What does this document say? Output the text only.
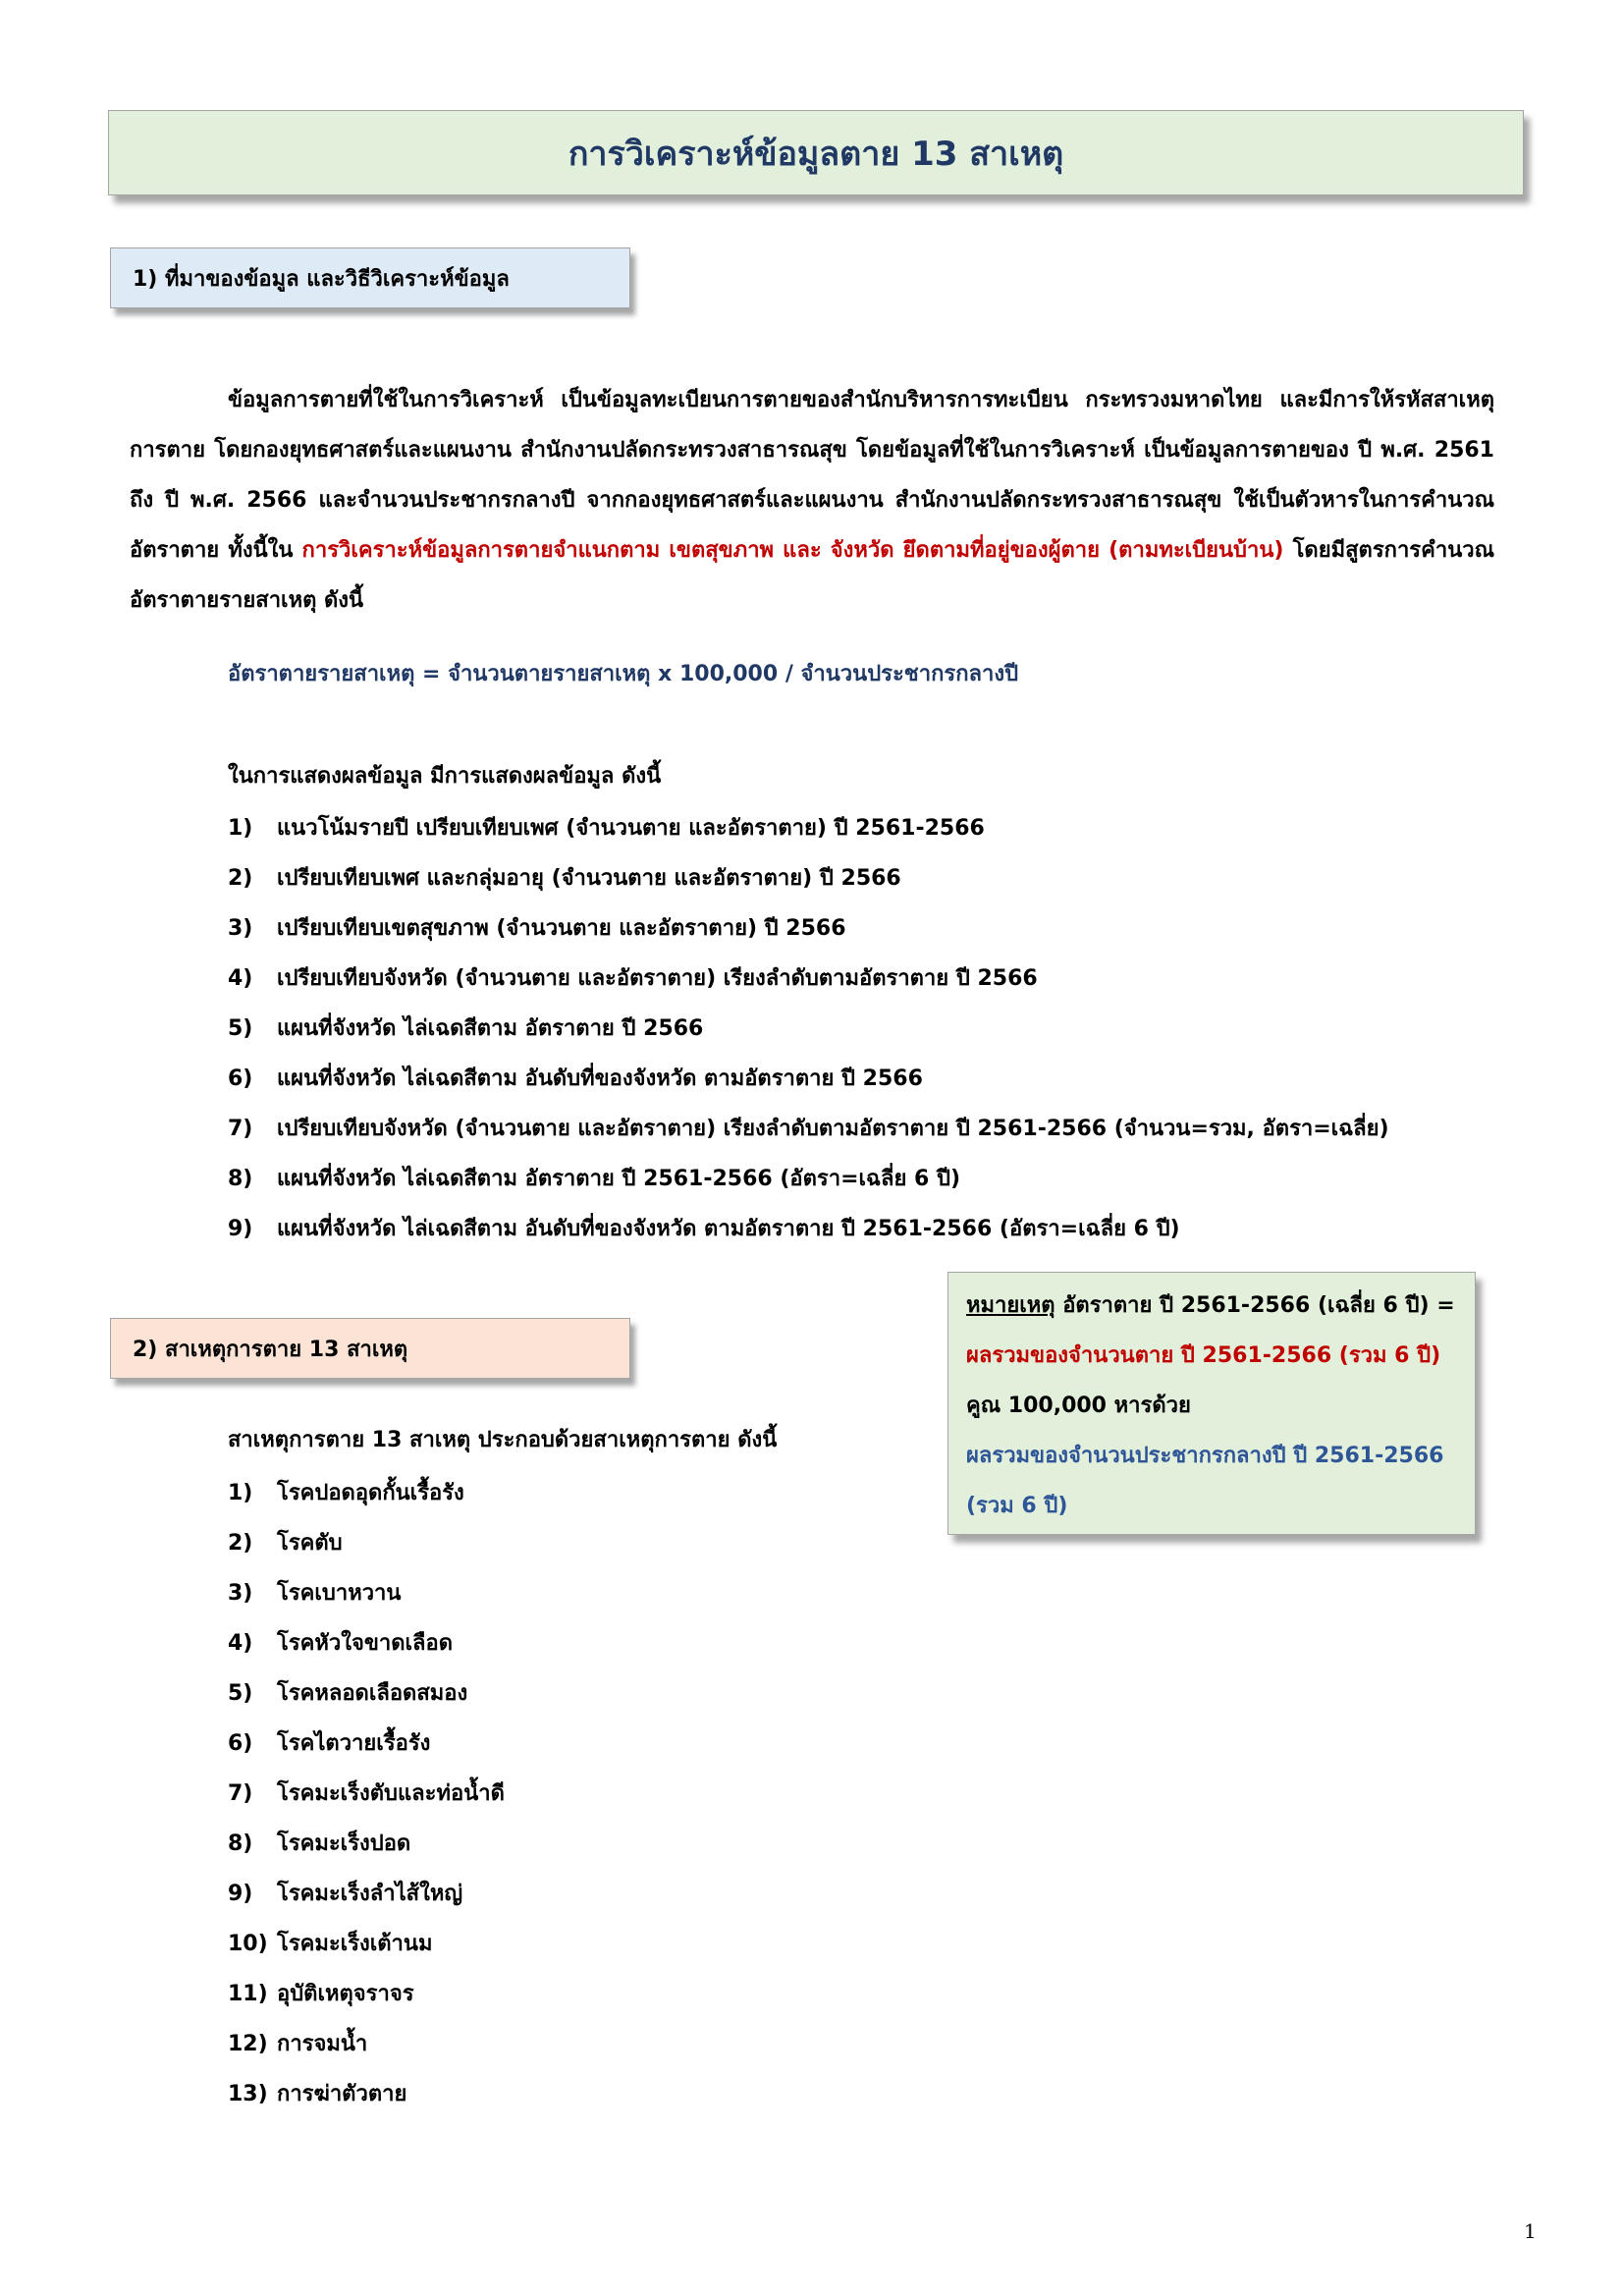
การวิเคราะห์ข้อมูลตาย 13 สาเหตุ
1) ที่มาของข้อมูล และวิธีวิเคราะห์ข้อมูล

ข้อมูลการตายที่ใช้ในการวิเคราะห์ เป็นข้อมูลทะเบียนการตายของสำนักบริหารการทะเบียน กระทรวงมหาดไทย และมีการให้รหัสสาเหตุการตาย โดยกองยุทธศาสตร์และแผนงาน สำนักงานปลัดกระทรวงสาธารณสุข โดยข้อมูลที่ใช้ในการวิเคราะห์ เป็นข้อมูลการตายของ ปี พ.ศ. 2561 ถึง ปี พ.ศ. 2566 และจำนวนประชากรกลางปี จากกองยุทธศาสตร์และแผนงาน สำนักงานปลัดกระทรวงสาธารณสุข ใช้เป็นตัวหารในการคำนวณอัตราตาย ทั้งนี้ใน การวิเคราะห์ข้อมูลการตายจำแนกตาม เขตสุขภาพ และ จังหวัด ยึดตามที่อยู่ของผู้ตาย (ตามทะเบียนบ้าน) โดยมีสูตรการคำนวณอัตราตายรายสาเหตุ ดังนี้

อัตราตายรายสาเหตุ = จำนวนตายรายสาเหตุ x 100,000 / จำนวนประชากรกลางปี
ในการแสดงผลข้อมูล มีการแสดงผลข้อมูล ดังนี้
1)	แนวโน้มรายปี เปรียบเทียบเพศ (จำนวนตาย และอัตราตาย) ปี 2561-2566
2)	เปรียบเทียบเพศ และกลุ่มอายุ (จำนวนตาย และอัตราตาย) ปี 2566
3)	เปรียบเทียบเขตสุขภาพ (จำนวนตาย และอัตราตาย) ปี 2566
4)	เปรียบเทียบจังหวัด (จำนวนตาย และอัตราตาย) เรียงลำดับตามอัตราตาย ปี 2566
5)	แผนที่จังหวัด ไล่เฉดสีตาม อัตราตาย ปี 2566
6)	แผนที่จังหวัด ไล่เฉดสีตาม อันดับที่ของจังหวัด ตามอัตราตาย ปี 2566
7)	เปรียบเทียบจังหวัด (จำนวนตาย และอัตราตาย) เรียงลำดับตามอัตราตาย ปี 2561-2566 (จำนวน=รวม, อัตรา=เฉลี่ย)
8)	แผนที่จังหวัด ไล่เฉดสีตาม อัตราตาย ปี 2561-2566 (อัตรา=เฉลี่ย 6 ปี)
9)	แผนที่จังหวัด ไล่เฉดสีตาม อันดับที่ของจังหวัด ตามอัตราตาย ปี 2561-2566 (อัตรา=เฉลี่ย 6 ปี)
หมายเหตุ อัตราตาย ปี 2561-2566 (เฉลี่ย 6 ปี) =
ผลรวมของจำนวนตาย ปี 2561-2566 (รวม 6 ปี)
คูณ 100,000 หารด้วย
ผลรวมของจำนวนประชากรกลางปี ปี 2561-2566
(รวม 6 ปี)
2) สาเหตุการตาย 13 สาเหตุ
สาเหตุการตาย 13 สาเหตุ ประกอบด้วยสาเหตุการตาย ดังนี้
1)	โรคปอดอุดกั้นเรื้อรัง
2)	โรคตับ
3)	โรคเบาหวาน
4)	โรคหัวใจขาดเลือด
5)	โรคหลอดเลือดสมอง
6)	โรคไตวายเรื้อรัง
7)	โรคมะเร็งตับและท่อน้ำดี
8)	โรคมะเร็งปอด
9)	โรคมะเร็งลำไส้ใหญ่
10) โรคมะเร็งเต้านม
11) อุบัติเหตุจราจร
12) การจมน้ำ
13) การฆ่าตัวตาย
1
